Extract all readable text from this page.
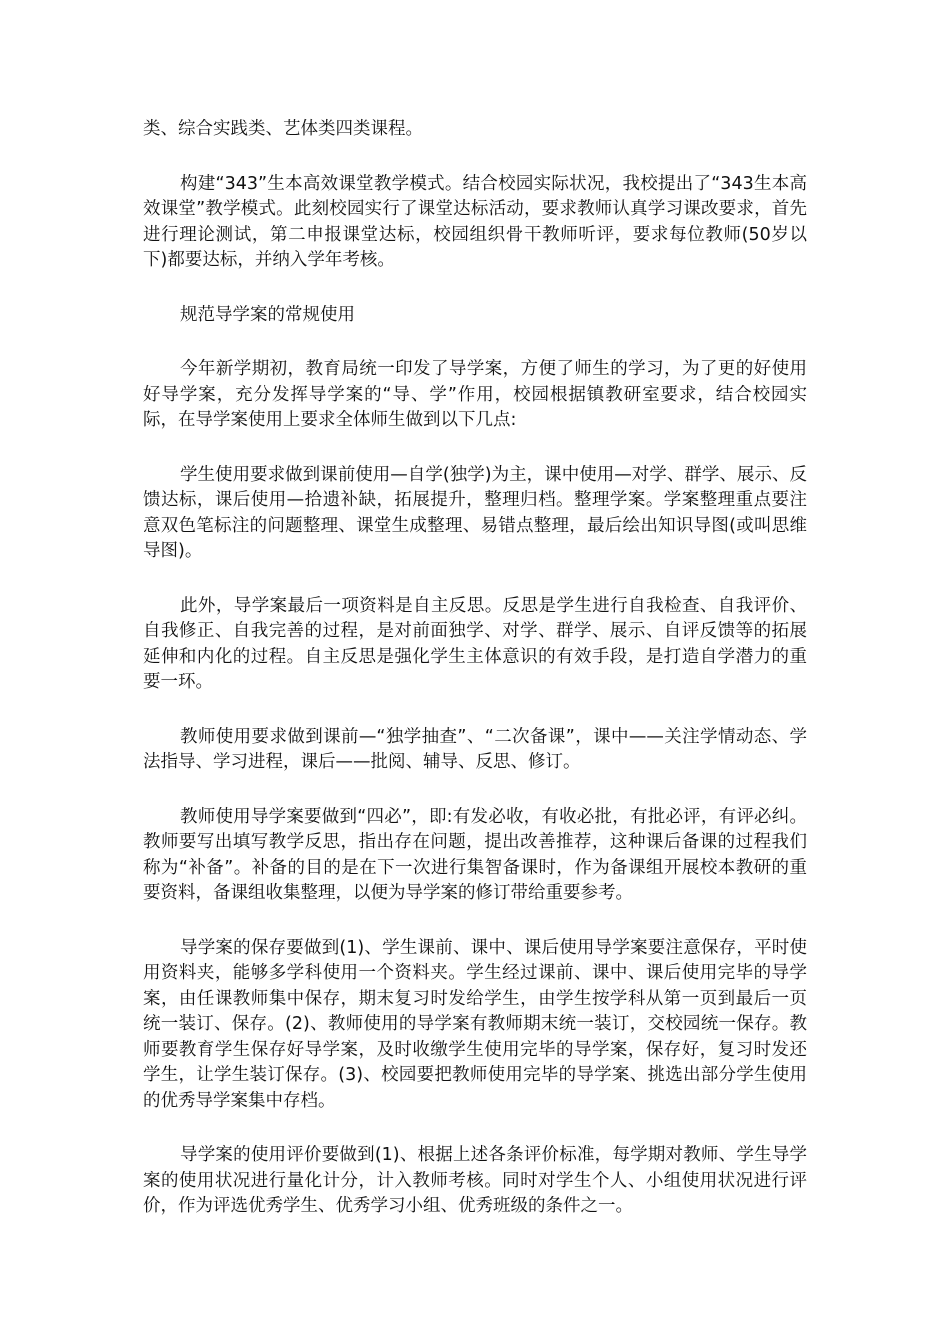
类、综合实践类、艺体类四类课程。

构建“343”生本高效课堂教学模式。结合校园实际状况，我校提出了“343生本高效课堂”教学模式。此刻校园实行了课堂达标活动，要求教师认真学习课改要求，首先进行理论测试，第二申报课堂达标，校园组织骨干教师听评，要求每位教师(50岁以下)都要达标，并纳入学年考核。

规范导学案的常规使用

今年新学期初，教育局统一印发了导学案，方便了师生的学习，为了更的好使用好导学案，充分发挥导学案的“导、学”作用，校园根据镇教研室要求，结合校园实际，在导学案使用上要求全体师生做到以下几点:

学生使用要求做到课前使用—自学(独学)为主，课中使用—对学、群学、展示、反馈达标，课后使用—拾遗补缺，拓展提升，整理归档。整理学案。学案整理重点要注意双色笔标注的问题整理、课堂生成整理、易错点整理，最后绘出知识导图(或叫思维导图)。

此外，导学案最后一项资料是自主反思。反思是学生进行自我检查、自我评价、自我修正、自我完善的过程，是对前面独学、对学、群学、展示、自评反馈等的拓展延伸和内化的过程。自主反思是强化学生主体意识的有效手段，是打造自学潜力的重要一环。

教师使用要求做到课前—“独学抽查”、“二次备课”，课中——关注学情动态、学法指导、学习进程，课后——批阅、辅导、反思、修订。

教师使用导学案要做到“四必”，即:有发必收，有收必批，有批必评，有评必纠。教师要写出填写教学反思，指出存在问题，提出改善推荐，这种课后备课的过程我们称为“补备”。补备的目的是在下一次进行集智备课时，作为备课组开展校本教研的重要资料，备课组收集整理，以便为导学案的修订带给重要参考。

导学案的保存要做到(1)、学生课前、课中、课后使用导学案要注意保存，平时使用资料夹，能够多学科使用一个资料夹。学生经过课前、课中、课后使用完毕的导学案，由任课教师集中保存，期末复习时发给学生，由学生按学科从第一页到最后一页统一装订、保存。(2)、教师使用的导学案有教师期末统一装订，交校园统一保存。教师要教育学生保存好导学案，及时收缴学生使用完毕的导学案，保存好，复习时发还学生，让学生装订保存。(3)、校园要把教师使用完毕的导学案、挑选出部分学生使用的优秀导学案集中存档。

导学案的使用评价要做到(1)、根据上述各条评价标准，每学期对教师、学生导学案的使用状况进行量化计分，计入教师考核。同时对学生个人、小组使用状况进行评价，作为评选优秀学生、优秀学习小组、优秀班级的条件之一。
